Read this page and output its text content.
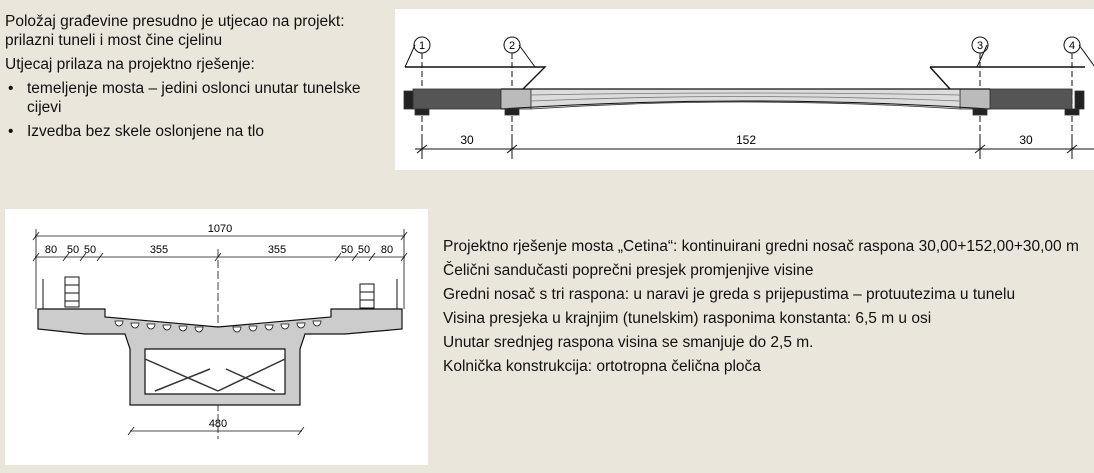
Položaj građevine presudno je utjecao na projekt: prilazni tuneli i most čine cjelinu

Utjecaj prilaza na projektno rješenje:

• temeljenje mosta – jedini oslonci unutar tunelske cijevi
• Izvedba bez skele oslonjene na tlo
1	2	3	4
30	152	30
1070
80 50 50	355	355	50 50 80
480

Projektno rješenje mosta „Cetina“: kontinuirani gredni nosač raspona 30,00+152,00+30,00 m

Čelični sandučasti poprečni presjek promjenjive visine

Gredni nosač s tri raspona: u naravi je greda s prijepustima – protuutezima u tunelu

Visina presjeka u krajnjim (tunelskim) rasponima konstanta: 6,5 m u osi

Unutar srednjeg raspona visina se smanjuje do 2,5 m.

Kolnička konstrukcija: ortotropna čelična ploča
